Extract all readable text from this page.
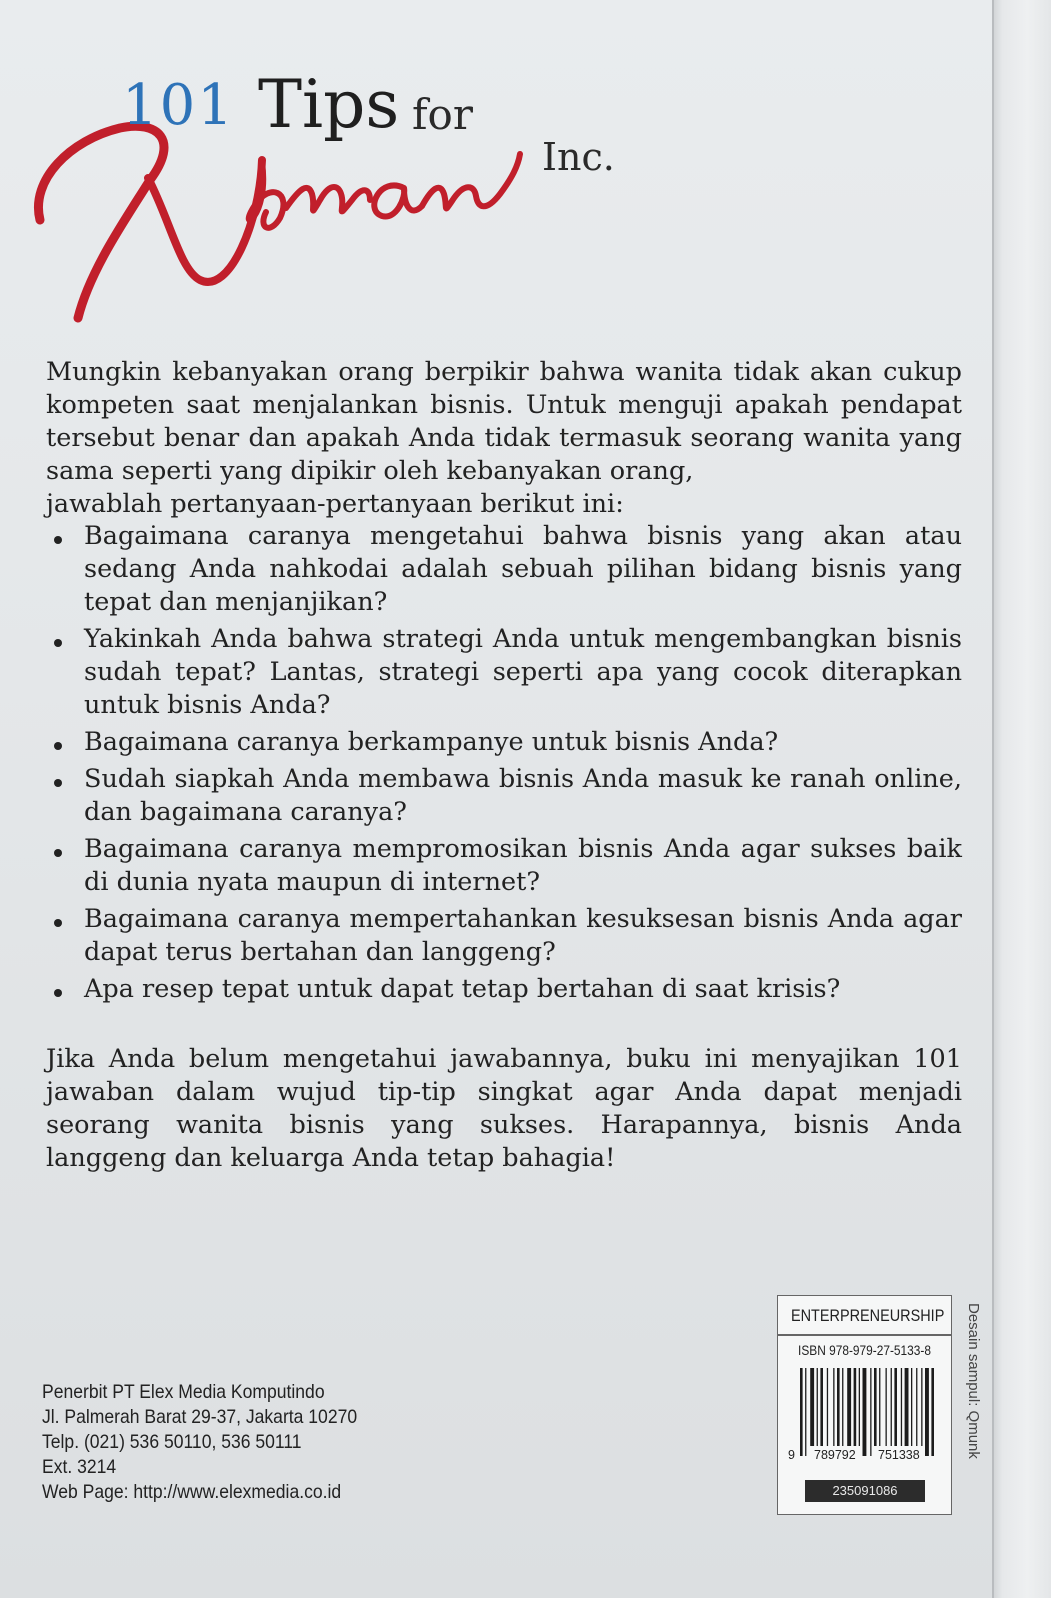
101 Tips for
Inc.
Mungkin kebanyakan orang berpikir bahwa wanita tidak akan cukup kompeten saat menjalankan bisnis. Untuk menguji apakah pendapat tersebut benar dan apakah Anda tidak termasuk seorang wanita yang sama seperti yang dipikir oleh kebanyakan orang,
jawablah pertanyaan-pertanyaan berikut ini:
Bagaimana caranya mengetahui bahwa bisnis yang akan atau sedang Anda nahkodai adalah sebuah pilihan bidang bisnis yang tepat dan menjanjikan?
Yakinkah Anda bahwa strategi Anda untuk mengembangkan bisnis sudah tepat? Lantas, strategi seperti apa yang cocok diterapkan untuk bisnis Anda?
Bagaimana caranya berkampanye untuk bisnis Anda?
Sudah siapkah Anda membawa bisnis Anda masuk ke ranah online, dan bagaimana caranya?
Bagaimana caranya mempromosikan bisnis Anda agar sukses baik di dunia nyata maupun di internet?
Bagaimana caranya mempertahankan kesuksesan bisnis Anda agar dapat terus bertahan dan langgeng?
Apa resep tepat untuk dapat tetap bertahan di saat krisis?
Jika Anda belum mengetahui jawabannya, buku ini menyajikan 101 jawaban dalam wujud tip-tip singkat agar Anda dapat menjadi seorang wanita bisnis yang sukses. Harapannya, bisnis Anda langgeng dan keluarga Anda tetap bahagia!
Penerbit PT Elex Media Komputindo
Jl. Palmerah Barat 29-37, Jakarta 10270
Telp. (021) 536 50110, 536 50111
Ext. 3214
Web Page: http://www.elexmedia.co.id
ENTERPRENEURSHIP
ISBN 978-979-27-5133-8
9 789792 751338
235091086
Desain sampul: Qmunk
